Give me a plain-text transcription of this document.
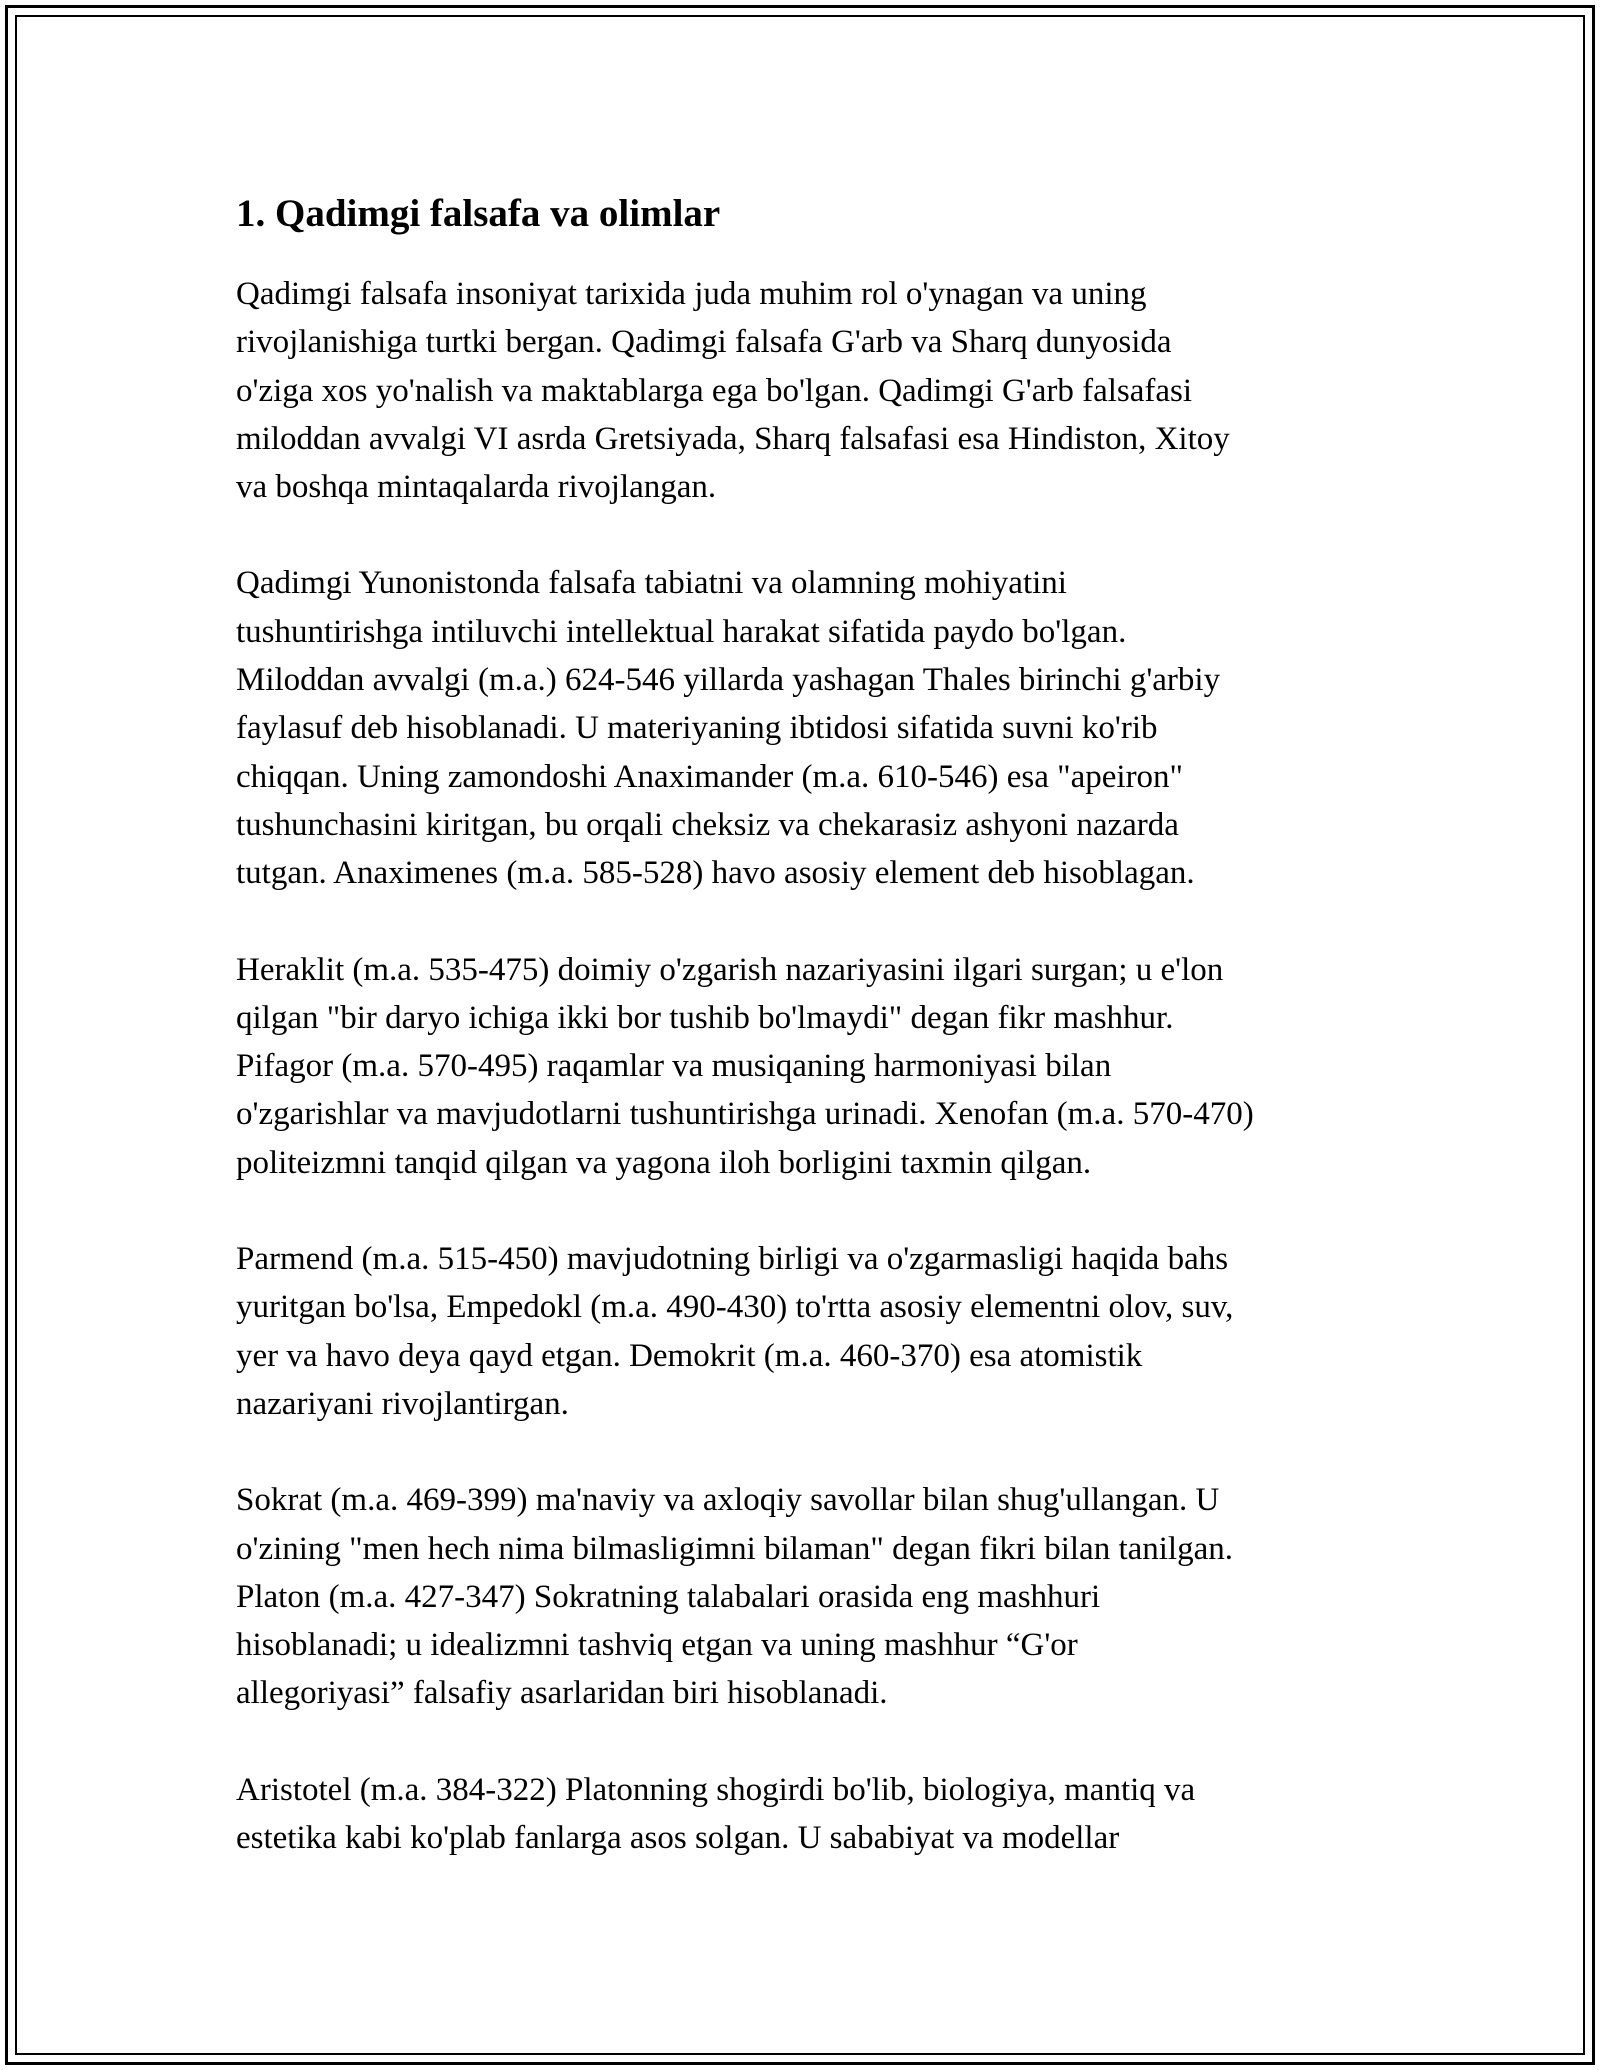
1. Qadimgi falsafa va olimlar

Qadimgi falsafa insoniyat tarixida juda muhim rol o'ynagan va uning
rivojlanishiga turtki bergan. Qadimgi falsafa G'arb va Sharq dunyosida
o'ziga xos yo'nalish va maktablarga ega bo'lgan. Qadimgi G'arb falsafasi
miloddan avvalgi VI asrda Gretsiyada, Sharq falsafasi esa Hindiston, Xitoy
va boshqa mintaqalarda rivojlangan.

Qadimgi Yunonistonda falsafa tabiatni va olamning mohiyatini
tushuntirishga intiluvchi intellektual harakat sifatida paydo bo'lgan.
Miloddan avvalgi (m.a.) 624-546 yillarda yashagan Thales birinchi g'arbiy
faylasuf deb hisoblanadi. U materiyaning ibtidosi sifatida suvni ko'rib
chiqqan. Uning zamondoshi Anaximander (m.a. 610-546) esa "apeiron"
tushunchasini kiritgan, bu orqali cheksiz va chekarasiz ashyoni nazarda
tutgan. Anaximenes (m.a. 585-528) havo asosiy element deb hisoblagan.

Heraklit (m.a. 535-475) doimiy o'zgarish nazariyasini ilgari surgan; u e'lon
qilgan "bir daryo ichiga ikki bor tushib bo'lmaydi" degan fikr mashhur.
Pifagor (m.a. 570-495) raqamlar va musiqaning harmoniyasi bilan
o'zgarishlar va mavjudotlarni tushuntirishga urinadi. Xenofan (m.a. 570-470)
politeizmni tanqid qilgan va yagona iloh borligini taxmin qilgan.

Parmend (m.a. 515-450) mavjudotning birligi va o'zgarmasligi haqida bahs
yuritgan bo'lsa, Empedokl (m.a. 490-430) to'rtta asosiy elementni olov, suv,
yer va havo deya qayd etgan. Demokrit (m.a. 460-370) esa atomistik
nazariyani rivojlantirgan.

Sokrat (m.a. 469-399) ma'naviy va axloqiy savollar bilan shug'ullangan. U
o'zining "men hech nima bilmasligimni bilaman" degan fikri bilan tanilgan.
Platon (m.a. 427-347) Sokratning talabalari orasida eng mashhuri
hisoblanadi; u idealizmni tashviq etgan va uning mashhur “G'or
allegoriyasi” falsafiy asarlaridan biri hisoblanadi.

Aristotel (m.a. 384-322) Platonning shogirdi bo'lib, biologiya, mantiq va
estetika kabi ko'plab fanlarga asos solgan. U sababiyat va modellar
